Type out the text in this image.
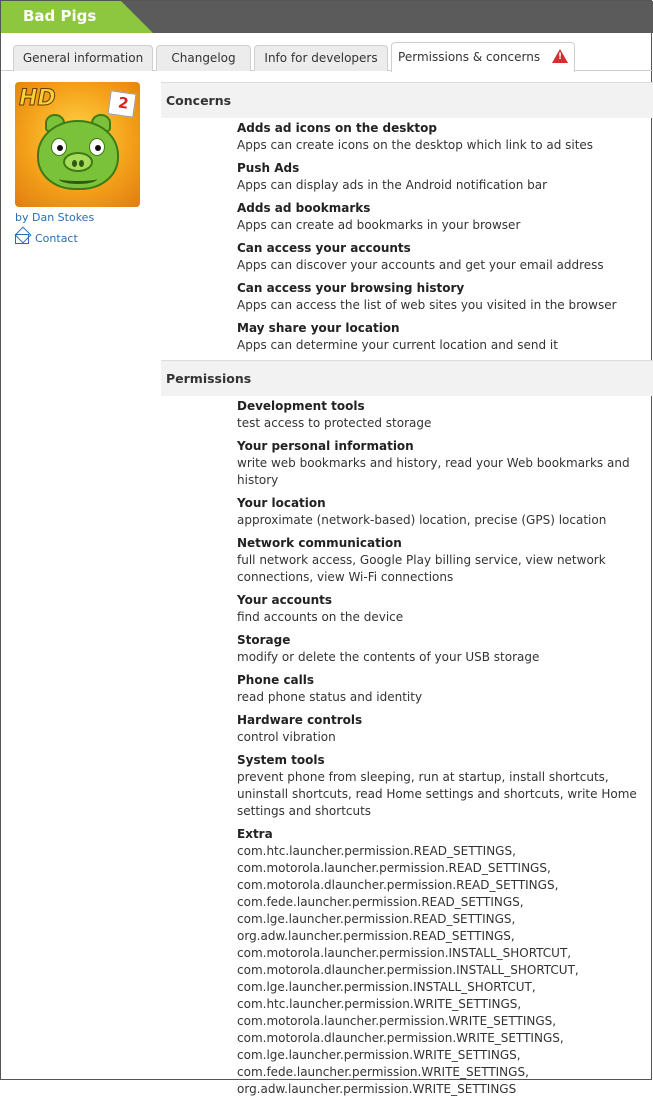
Bad Pigs
General information	Changelog	Info for developers	Permissions & concerns !
HD
2
by Dan Stokes
Contact
Concerns
Adds ad icons on the desktop
Apps can create icons on the desktop which link to ad sites
Push Ads
Apps can display ads in the Android notification bar
Adds ad bookmarks
Apps can create ad bookmarks in your browser
Can access your accounts
Apps can discover your accounts and get your email address
Can access your browsing history
Apps can access the list of web sites you visited in the browser
May share your location
Apps can determine your current location and send it
Permissions
Development tools
test access to protected storage
Your personal information
write web bookmarks and history, read your Web bookmarks and history
Your location
approximate (network-based) location, precise (GPS) location
Network communication
full network access, Google Play billing service, view network connections, view Wi-Fi connections
Your accounts
find accounts on the device
Storage
modify or delete the contents of your USB storage
Phone calls
read phone status and identity
Hardware controls
control vibration
System tools
prevent phone from sleeping, run at startup, install shortcuts, uninstall shortcuts, read Home settings and shortcuts, write Home settings and shortcuts
Extra
com.htc.launcher.permission.READ_SETTINGS,
com.motorola.launcher.permission.READ_SETTINGS,
com.motorola.dlauncher.permission.READ_SETTINGS,
com.fede.launcher.permission.READ_SETTINGS,
com.lge.launcher.permission.READ_SETTINGS,
org.adw.launcher.permission.READ_SETTINGS,
com.motorola.launcher.permission.INSTALL_SHORTCUT,
com.motorola.dlauncher.permission.INSTALL_SHORTCUT,
com.lge.launcher.permission.INSTALL_SHORTCUT,
com.htc.launcher.permission.WRITE_SETTINGS,
com.motorola.launcher.permission.WRITE_SETTINGS,
com.motorola.dlauncher.permission.WRITE_SETTINGS,
com.lge.launcher.permission.WRITE_SETTINGS,
com.fede.launcher.permission.WRITE_SETTINGS,
org.adw.launcher.permission.WRITE_SETTINGS
